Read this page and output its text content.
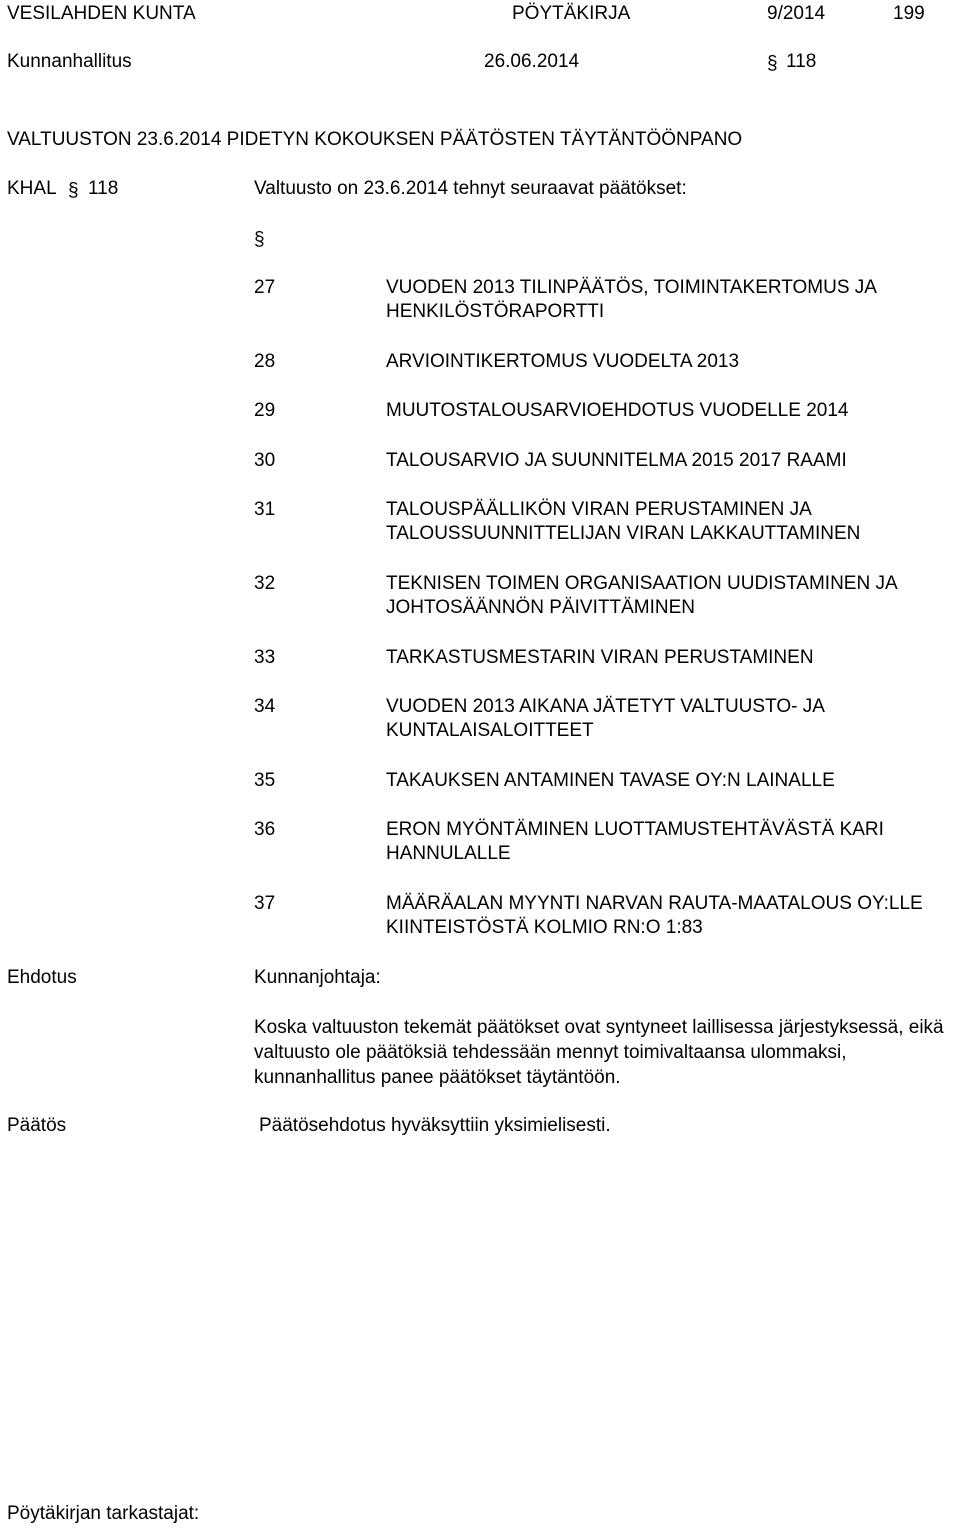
VESILAHDEN KUNTA	PÖYTÄKIRJA	9/2014	199
Kunnanhallitus	26.06.2014	§ 118
VALTUUSTON 23.6.2014 PIDETYN KOKOUKSEN PÄÄTÖSTEN TÄYTÄNTÖÖNPANO
KHAL § 118	Valtuusto on 23.6.2014 tehnyt seuraavat päätökset:
§
27	VUODEN 2013 TILINPÄÄTÖS, TOIMINTAKERTOMUS JA HENKILÖSTÖRAPORTTI
28	ARVIOINTIKERTOMUS VUODELTA 2013
29	MUUTOSTALOUSARVIOEHDOTUS VUODELLE 2014
30	TALOUSARVIO JA SUUNNITELMA 2015 2017 RAAMI
31	TALOUSPÄÄLLIKÖN VIRAN PERUSTAMINEN JA TALOUSSUUNNITTELIJAN VIRAN LAKKAUTTAMINEN
32	TEKNISEN TOIMEN ORGANISAATION UUDISTAMINEN JA JOHTOSÄÄNNÖN PÄIVITTÄMINEN
33	TARKASTUSMESTARIN VIRAN PERUSTAMINEN
34	VUODEN 2013 AIKANA JÄTETYT VALTUUSTO- JA KUNTALAISALOITTEET
35	TAKAUKSEN ANTAMINEN TAVASE OY:N LAINALLE
36	ERON MYÖNTÄMINEN LUOTTAMUSTEHTÄVÄSTÄ KARI HANNULALLE
37	MÄÄRÄALAN MYYNTI NARVAN RAUTA-MAATALOUS OY:LLE KIINTEISTÖSTÄ KOLMIO RN:O 1:83
Ehdotus	Kunnanjohtaja:
Koska valtuuston tekemät päätökset ovat syntyneet laillisessa järjestyksessä, eikä valtuusto ole päätöksiä tehdessään mennyt toimivaltaansa ulommaksi, kunnanhallitus panee päätökset täytäntöön.
Päätös	Päätösehdotus hyväksyttiin yksimielisesti.
Pöytäkirjan tarkastajat:
